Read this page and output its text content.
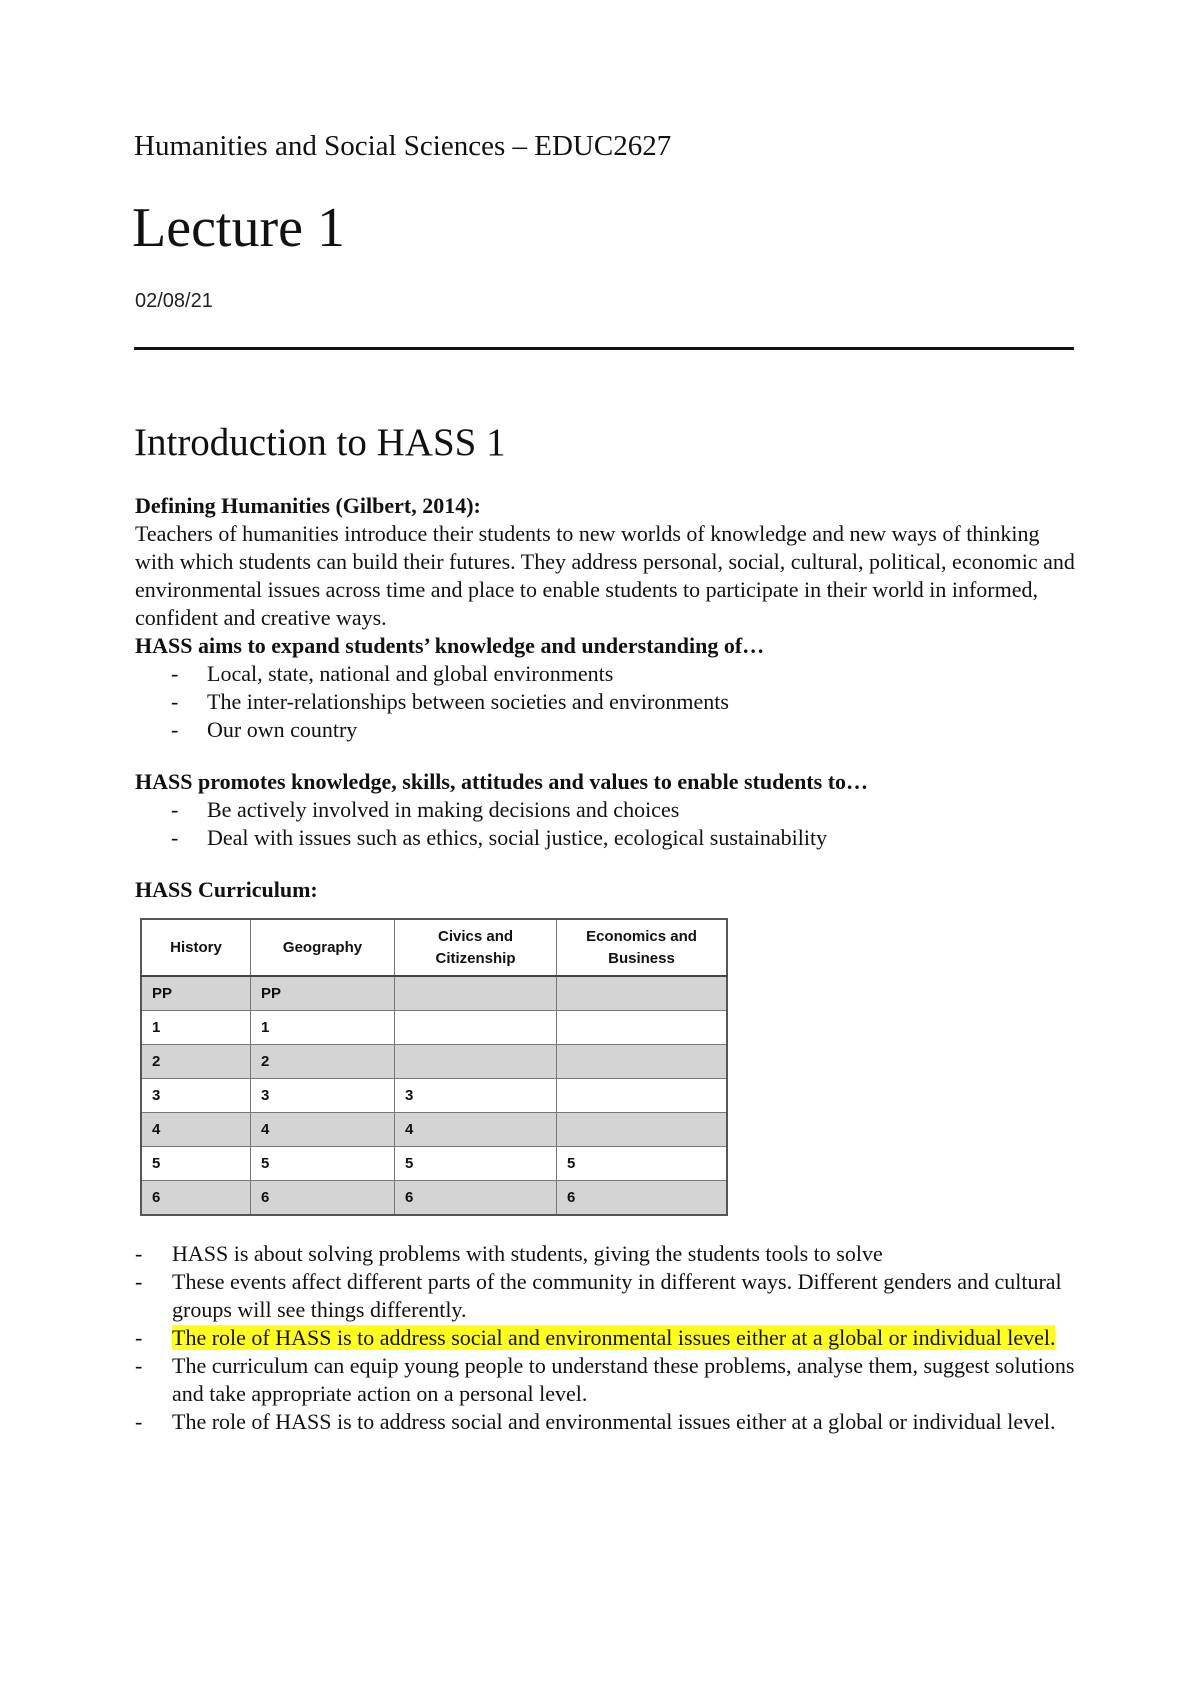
Humanities and Social Sciences – EDUC2627
Lecture 1
02/08/21
Introduction to HASS 1

Defining Humanities (Gilbert, 2014):

Teachers of humanities introduce their students to new worlds of knowledge and new ways of thinking with which students can build their futures. They address personal, social, cultural, political, economic and environmental issues across time and place to enable students to participate in their world in informed, confident and creative ways.

HASS aims to expand students’ knowledge and understanding of…

- Local, state, national and global environments
- The inter-relationships between societies and environments
- Our own country

HASS promotes knowledge, skills, attitudes and values to enable students to…

- Be actively involved in making decisions and choices
- Deal with issues such as ethics, social justice, ecological sustainability

HASS Curriculum:

History	Geography	Civics and Citizenship	Economics and Business
PP	PP		
1	1		
2	2		
3	3	3	
4	4	4	
5	5	5	5
6	6	6	6
- HASS is about solving problems with students, giving the students tools to solve
- These events affect different parts of the community in different ways. Different genders and cultural groups will see things differently.
- The role of HASS is to address social and environmental issues either at a global or individual level.
- The curriculum can equip young people to understand these problems, analyse them, suggest solutions and take appropriate action on a personal level.
- The role of HASS is to address social and environmental issues either at a global or individual level.
